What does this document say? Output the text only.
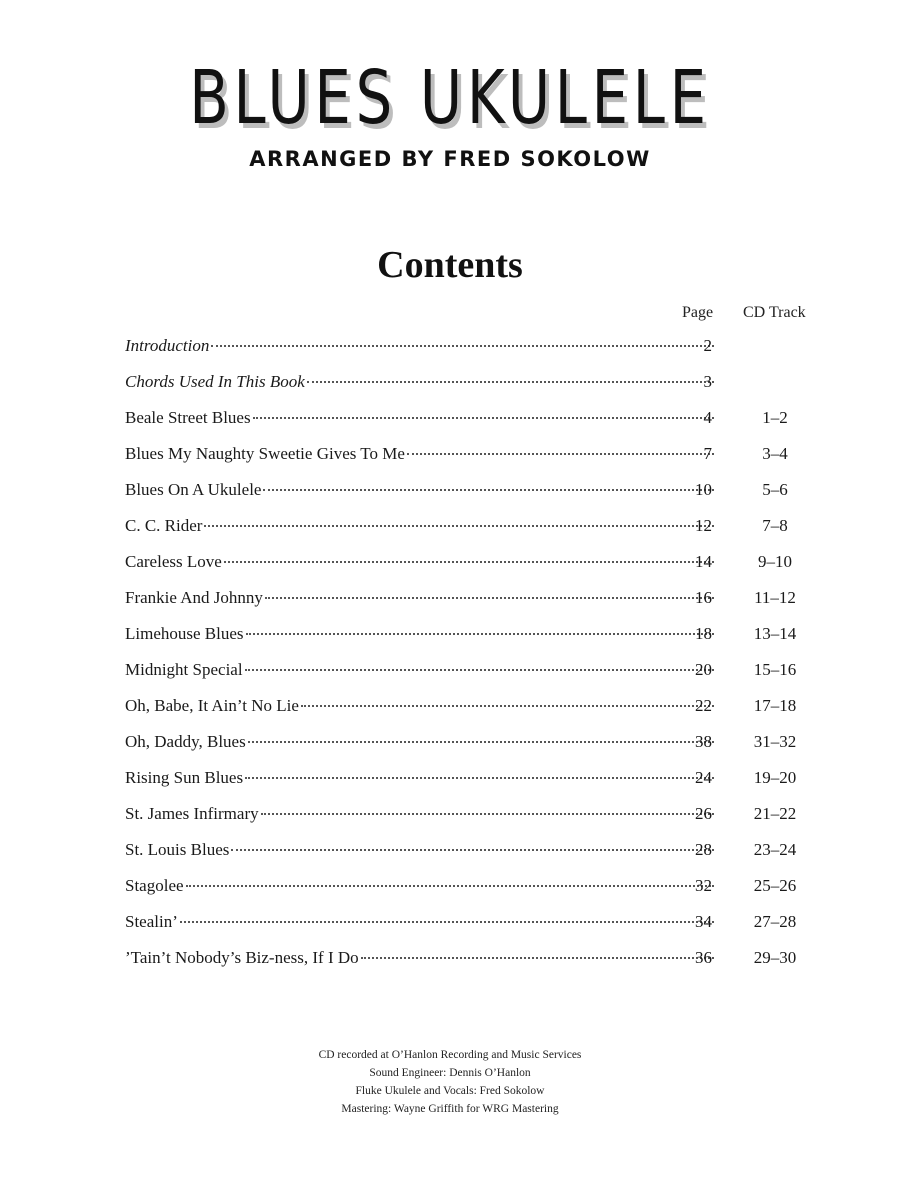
BLUES UKULELE
ARRANGED BY FRED SOKOLOW
Contents
Page CD Track
Introduction	2
Chords Used In This Book	3
Beale Street Blues	4	1–2
Blues My Naughty Sweetie Gives To Me	7	3–4
Blues On A Ukulele	10	5–6
C. C. Rider	12	7–8
Careless Love	14	9–10
Frankie And Johnny	16	11–12
Limehouse Blues	18	13–14
Midnight Special	20	15–16
Oh, Babe, It Ain’t No Lie	22	17–18
Oh, Daddy, Blues	38	31–32
Rising Sun Blues	24	19–20
St. James Infirmary	26	21–22
St. Louis Blues	28	23–24
Stagolee	32	25–26
Stealin’	34	27–28
’Tain’t Nobody’s Biz-ness, If I Do	36	29–30
CD recorded at O’Hanlon Recording and Music Services
Sound Engineer: Dennis O’Hanlon
Fluke Ukulele and Vocals: Fred Sokolow
Mastering: Wayne Griffith for WRG Mastering
